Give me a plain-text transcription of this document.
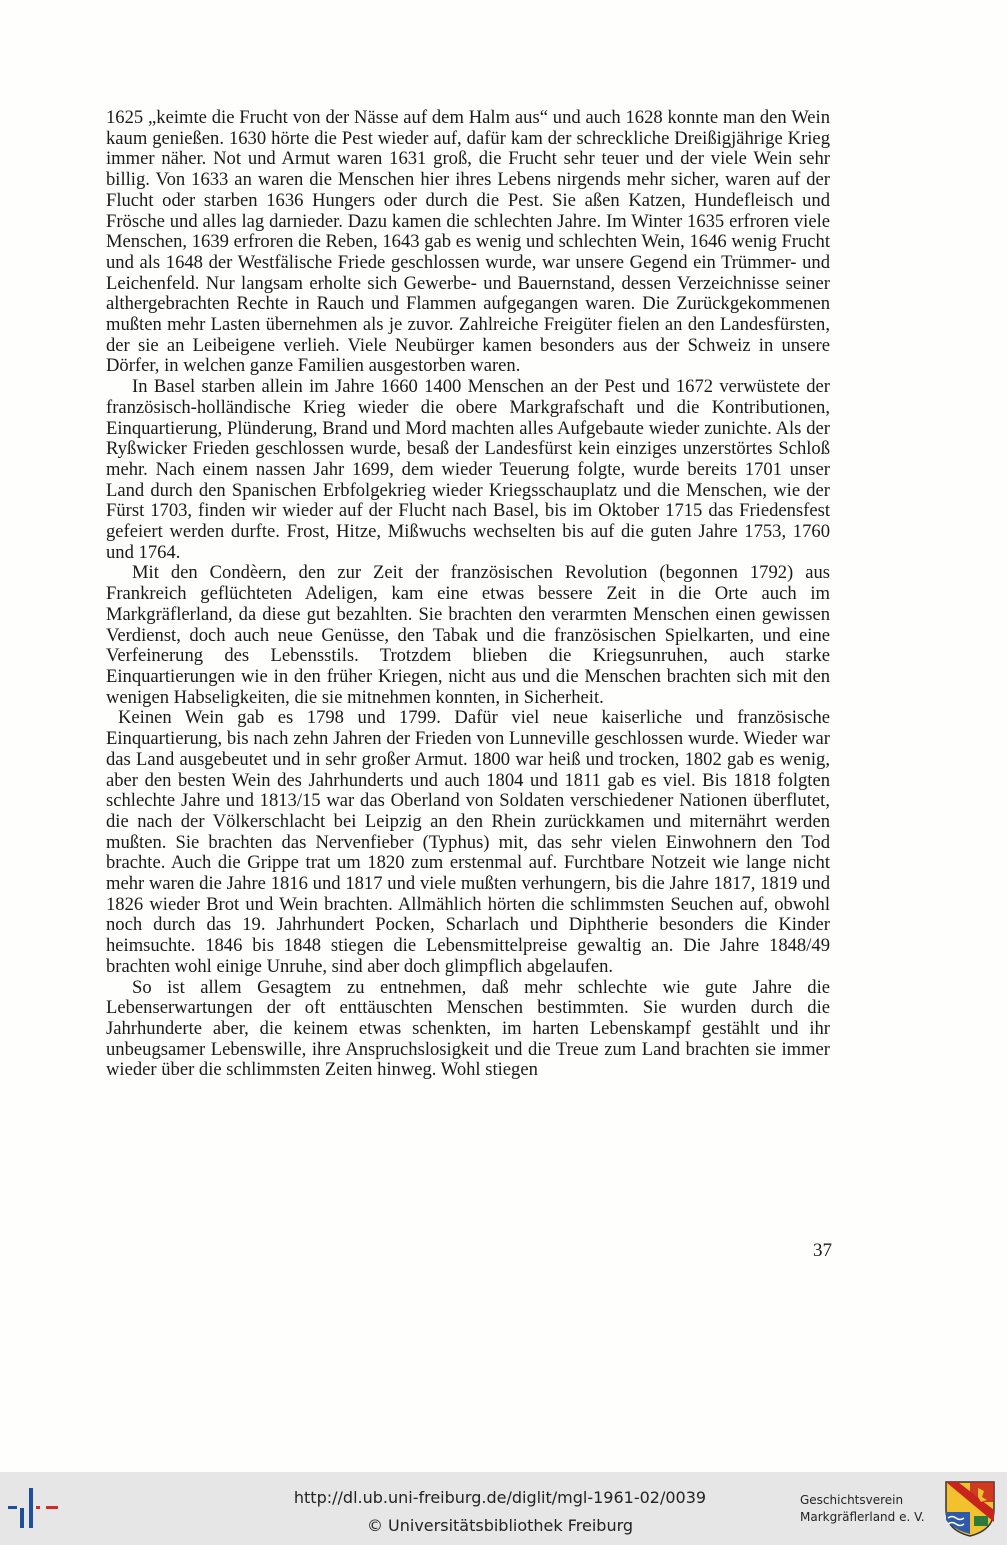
1625 „keimte die Frucht von der Nässe auf dem Halm aus“ und auch 1628 konnte man den Wein kaum genießen. 1630 hörte die Pest wieder auf, dafür kam der schreckliche Dreißigjährige Krieg immer näher. Not und Armut waren 1631 groß, die Frucht sehr teuer und der viele Wein sehr billig. Von 1633 an waren die Menschen hier ihres Lebens nirgends mehr sicher, waren auf der Flucht oder starben 1636 Hungers oder durch die Pest. Sie aßen Katzen, Hundefleisch und Frösche und alles lag darnieder. Dazu kamen die schlechten Jahre. Im Winter 1635 erfroren viele Menschen, 1639 erfroren die Reben, 1643 gab es wenig und schlechten Wein, 1646 wenig Frucht und als 1648 der Westfälische Friede geschlossen wurde, war unsere Gegend ein Trümmer- und Leichenfeld. Nur langsam erholte sich Gewerbe- und Bauernstand, dessen Verzeichnisse seiner althergebrachten Rechte in Rauch und Flammen aufgegangen waren. Die Zurückgekommenen mußten mehr Lasten übernehmen als je zuvor. Zahlreiche Freigüter fielen an den Landesfürsten, der sie an Leibeigene verlieh. Viele Neubürger kamen besonders aus der Schweiz in unsere Dörfer, in welchen ganze Familien ausgestorben waren.

In Basel starben allein im Jahre 1660 1400 Menschen an der Pest und 1672 verwüstete der französisch-holländische Krieg wieder die obere Markgrafschaft und die Kontributionen, Einquartierung, Plünderung, Brand und Mord machten alles Aufgebaute wieder zunichte. Als der Ryßwicker Frieden geschlossen wurde, besaß der Landesfürst kein einziges unzerstörtes Schloß mehr. Nach einem nassen Jahr 1699, dem wieder Teuerung folgte, wurde bereits 1701 unser Land durch den Spanischen Erbfolgekrieg wieder Kriegsschauplatz und die Menschen, wie der Fürst 1703, finden wir wieder auf der Flucht nach Basel, bis im Oktober 1715 das Friedensfest gefeiert werden durfte. Frost, Hitze, Mißwuchs wechselten bis auf die guten Jahre 1753, 1760 und 1764.

Mit den Condèern, den zur Zeit der französischen Revolution (begonnen 1792) aus Frankreich geflüchteten Adeligen, kam eine etwas bessere Zeit in die Orte auch im Markgräflerland, da diese gut bezahlten. Sie brachten den verarmten Menschen einen gewissen Verdienst, doch auch neue Genüsse, den Tabak und die französischen Spielkarten, und eine Verfeinerung des Lebensstils. Trotzdem blieben die Kriegsunruhen, auch starke Einquartierungen wie in den früher Kriegen, nicht aus und die Menschen brachten sich mit den wenigen Habseligkeiten, die sie mitnehmen konnten, in Sicherheit.

Keinen Wein gab es 1798 und 1799. Dafür viel neue kaiserliche und französische Einquartierung, bis nach zehn Jahren der Frieden von Lunneville geschlossen wurde. Wieder war das Land ausgebeutet und in sehr großer Armut. 1800 war heiß und trocken, 1802 gab es wenig, aber den besten Wein des Jahrhunderts und auch 1804 und 1811 gab es viel. Bis 1818 folgten schlechte Jahre und 1813/15 war das Oberland von Soldaten verschiedener Nationen überflutet, die nach der Völkerschlacht bei Leipzig an den Rhein zurückkamen und miternährt werden mußten. Sie brachten das Nervenfieber (Typhus) mit, das sehr vielen Einwohnern den Tod brachte. Auch die Grippe trat um 1820 zum erstenmal auf. Furchtbare Notzeit wie lange nicht mehr waren die Jahre 1816 und 1817 und viele mußten verhungern, bis die Jahre 1817, 1819 und 1826 wieder Brot und Wein brachten. Allmählich hörten die schlimmsten Seuchen auf, obwohl noch durch das 19. Jahrhundert Pocken, Scharlach und Diphtherie besonders die Kinder heimsuchte. 1846 bis 1848 stiegen die Lebensmittelpreise gewaltig an. Die Jahre 1848/49 brachten wohl einige Unruhe, sind aber doch glimpflich abgelaufen.

So ist allem Gesagtem zu entnehmen, daß mehr schlechte wie gute Jahre die Lebenserwartungen der oft enttäuschten Menschen bestimmten. Sie wurden durch die Jahrhunderte aber, die keinem etwas schenkten, im harten Lebenskampf gestählt und ihr unbeugsamer Lebenswille, ihre Anspruchslosigkeit und die Treue zum Land brachten sie immer wieder über die schlimmsten Zeiten hinweg. Wohl stiegen

37
http://dl.ub.uni-freiburg.de/diglit/mgl-1961-02/0039
© Universitätsbibliothek Freiburg
Geschichtsverein
Markgräflerland e. V.
